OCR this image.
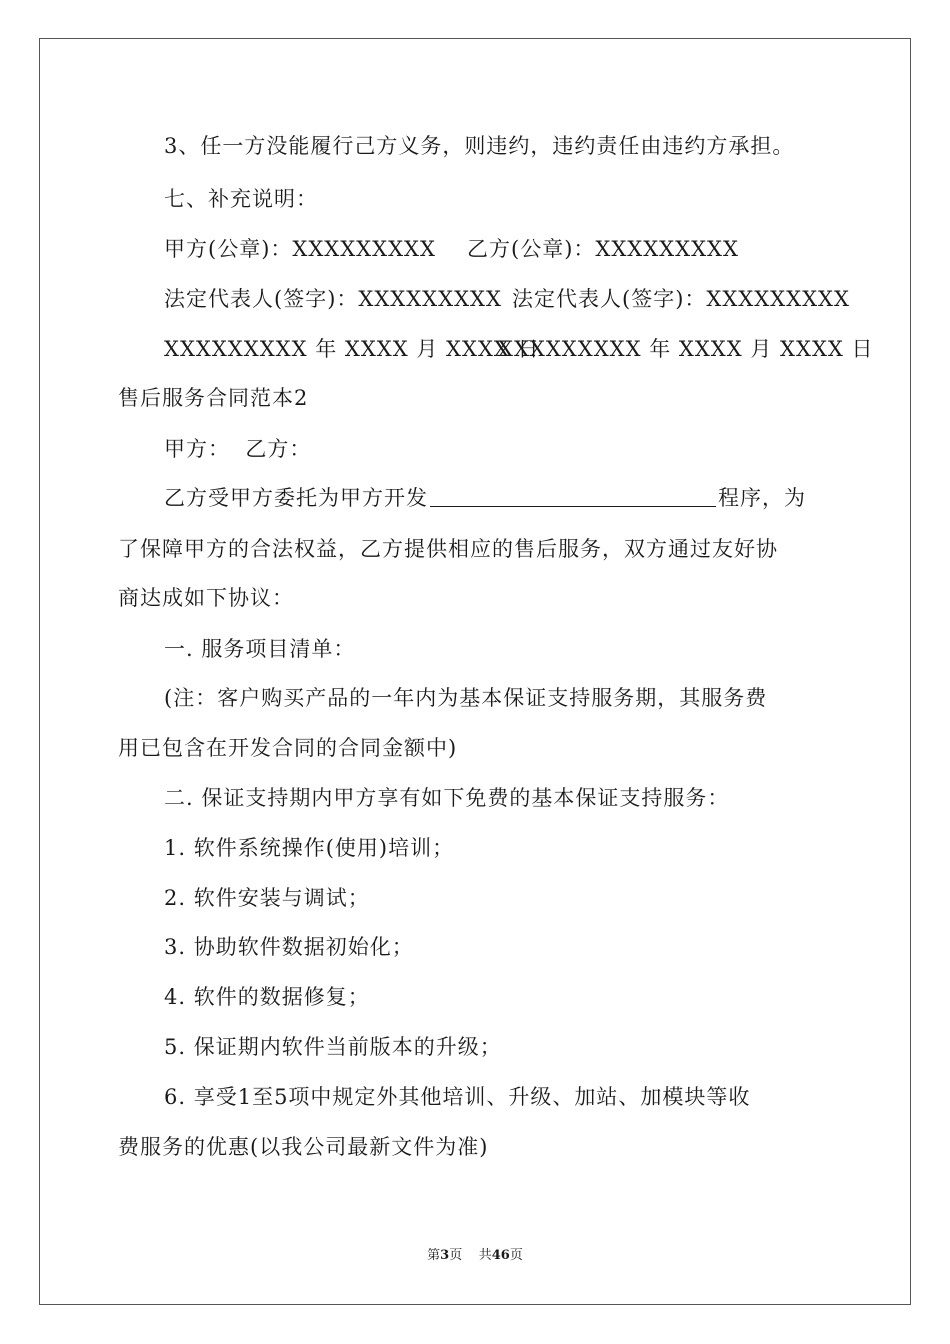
3、任一方没能履行己方义务，则违约，违约责任由违约方承担。
七、补充说明：
甲方(公章)：XXXXXXXXX 乙方(公章)：XXXXXXXXX
法定代表人(签字)：XXXXXXXXX 法定代表人(签字)：XXXXXXXXX
XXXXXXXXX 年 XXXX 月 XXXX 日
XXXXXXXXX 年 XXXX 月 XXXX 日
售后服务合同范本2
甲方：  乙方：
乙方受甲方委托为甲方开发	程序，为
了保障甲方的合法权益，乙方提供相应的售后服务，双方通过友好协
商达成如下协议：
一. 服务项目清单：
(注：客户购买产品的一年内为基本保证支持服务期，其服务费
用已包含在开发合同的合同金额中)
二. 保证支持期内甲方享有如下免费的基本保证支持服务：
1. 软件系统操作(使用)培训；
2. 软件安装与调试；
3. 协助软件数据初始化；
4. 软件的数据修复；
5. 保证期内软件当前版本的升级；
6. 享受1至5项中规定外其他培训、升级、加站、加模块等收
费服务的优惠(以我公司最新文件为准)
第3页    共46页
